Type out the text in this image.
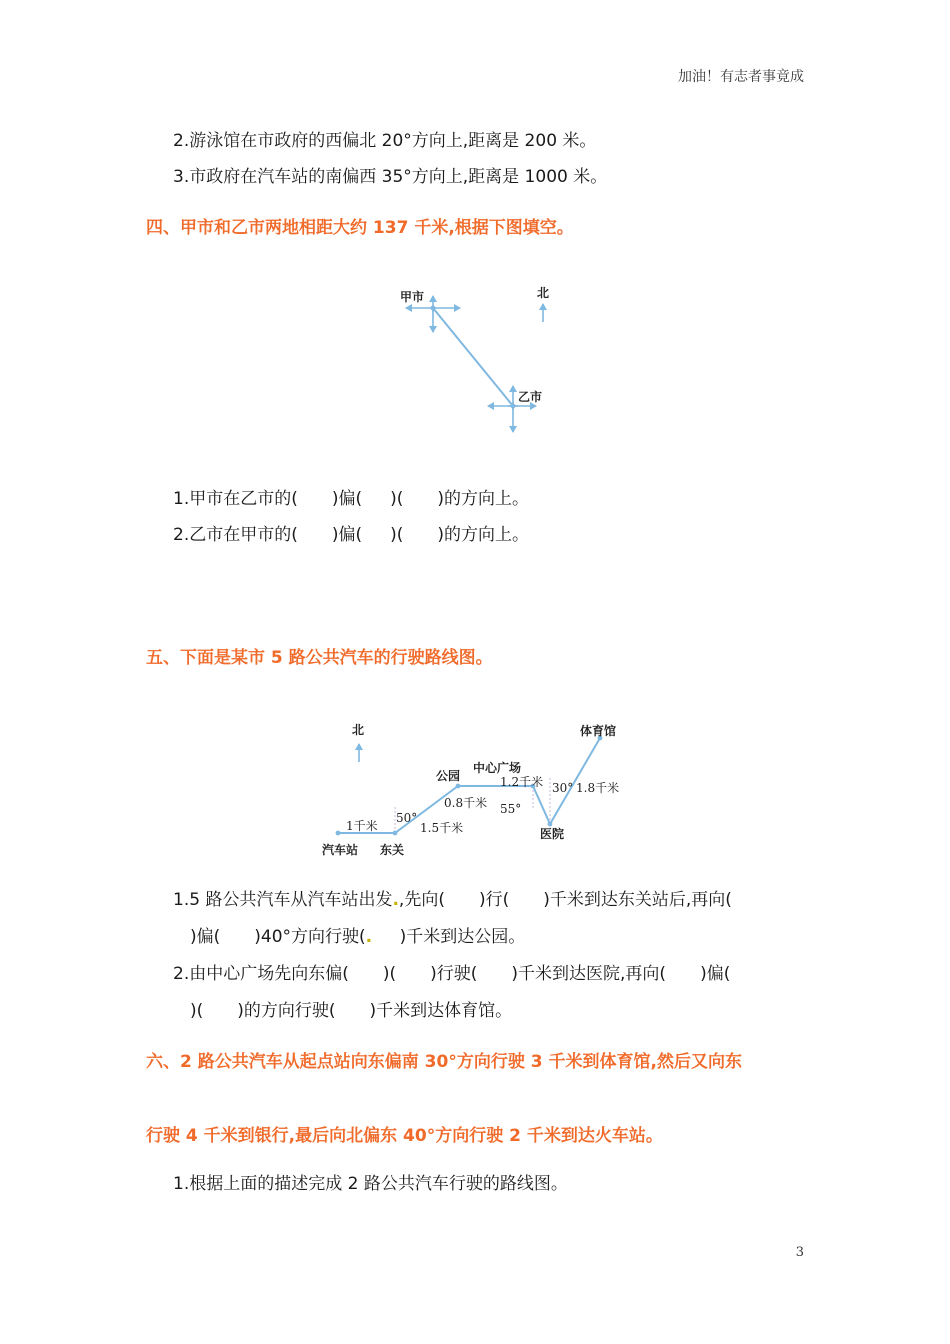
加油！有志者事竟成
2.游泳馆在市政府的西偏北 20°方向上,距离是 200 米。
3.市政府在汽车站的南偏西 35°方向上,距离是 1000 米。
四、甲市和乙市两地相距大约 137 千米,根据下图填空。
甲市
乙市
北
1.甲市在乙市的( )偏( )( )的方向上。
2.乙市在甲市的( )偏( )( )的方向上。
五、下面是某市 5 路公共汽车的行驶路线图。
北
汽车站 东关
公园
中心广场
医院
体育馆
1千米	1.5千米
0.8千米
1.2千米	1.8千米
50°
55°
30°
1.5 路公共汽车从汽车站出发.,先向( )行( )千米到达东关站后,再向(
)偏( )40°方向行驶(. )千米到达公园。
2.由中心广场先向东偏( )( )行驶( )千米到达医院,再向( )偏(
)( )的方向行驶( )千米到达体育馆。
六、2 路公共汽车从起点站向东偏南 30°方向行驶 3 千米到体育馆,然后又向东
行驶 4 千米到银行,最后向北偏东 40°方向行驶 2 千米到达火车站。
1.根据上面的描述完成 2 路公共汽车行驶的路线图。
3
